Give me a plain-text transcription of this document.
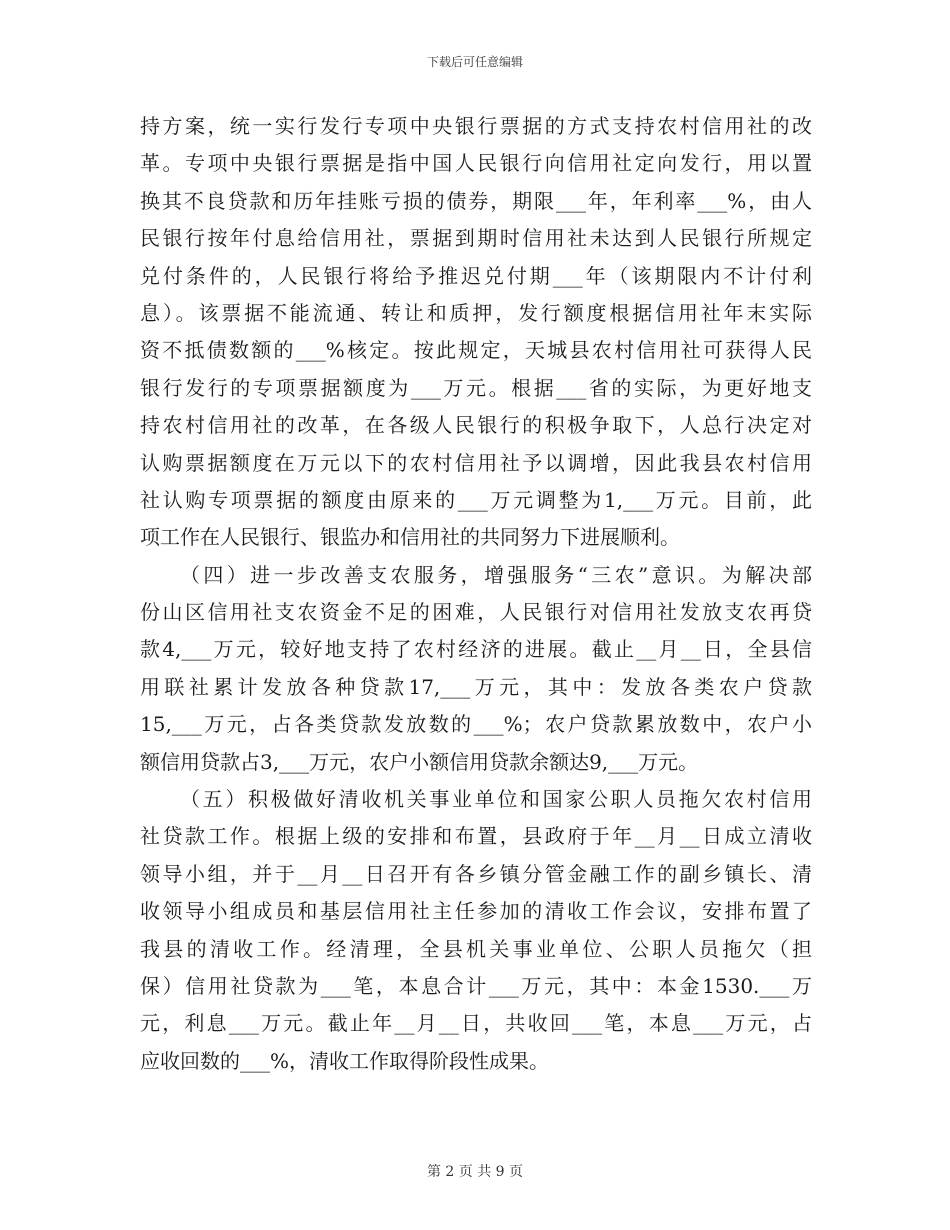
下载后可任意编辑
持方案，统一实行发行专项中央银行票据的方式支持农村信用社的改
革。专项中央银行票据是指中国人民银行向信用社定向发行，用以置
换其不良贷款和历年挂账亏损的债券，期限___年，年利率___%，由人
民银行按年付息给信用社，票据到期时信用社未达到人民银行所规定
兑付条件的，人民银行将给予推迟兑付期___年（该期限内不计付利
息）。该票据不能流通、转让和质押，发行额度根据信用社年末实际
资不抵债数额的___%核定。按此规定，天城县农村信用社可获得人民
银行发行的专项票据额度为___万元。根据___省的实际，为更好地支
持农村信用社的改革，在各级人民银行的积极争取下，人总行决定对
认购票据额度在万元以下的农村信用社予以调增，因此我县农村信用
社认购专项票据的额度由原来的___万元调整为1,___万元。目前，此
项工作在人民银行、银监办和信用社的共同努力下进展顺利。
（四）进一步改善支农服务，增强服务“三农”意识。为解决部
份山区信用社支农资金不足的困难，人民银行对信用社发放支农再贷
款4,___万元，较好地支持了农村经济的进展。截止__月__日，全县信
用联社累计发放各种贷款17,___万元，其中：发放各类农户贷款
15,___万元，占各类贷款发放数的___%；农户贷款累放数中，农户小
额信用贷款占3,___万元，农户小额信用贷款余额达9,___万元。
（五）积极做好清收机关事业单位和国家公职人员拖欠农村信用
社贷款工作。根据上级的安排和布置，县政府于年__月__日成立清收
领导小组，并于__月__日召开有各乡镇分管金融工作的副乡镇长、清
收领导小组成员和基层信用社主任参加的清收工作会议，安排布置了
我县的清收工作。经清理，全县机关事业单位、公职人员拖欠（担
保）信用社贷款为___笔，本息合计___万元，其中：本金1530.___万
元，利息___万元。截止年__月__日，共收回___笔，本息___万元，占
应收回数的___%，清收工作取得阶段性成果。
第 2 页 共 9 页
